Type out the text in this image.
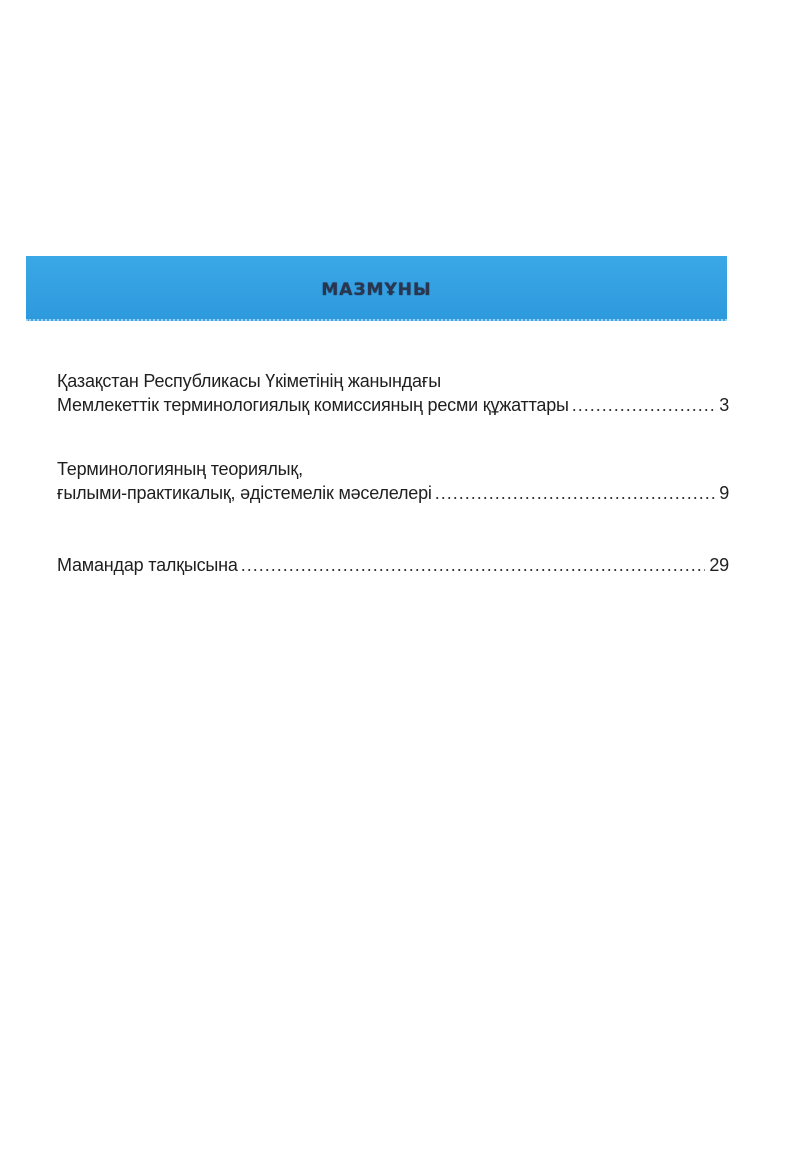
МАЗМҰНЫ
Қазақстан Республикасы Үкіметінің жанындағы
Мемлекеттік терминологиялық комиссияның ресми құжаттары .....	3
Терминологияның теориялық,
ғылыми-практикалық, әдістемелік мәселелері .....	9
Мамандар талқысына .....	29
